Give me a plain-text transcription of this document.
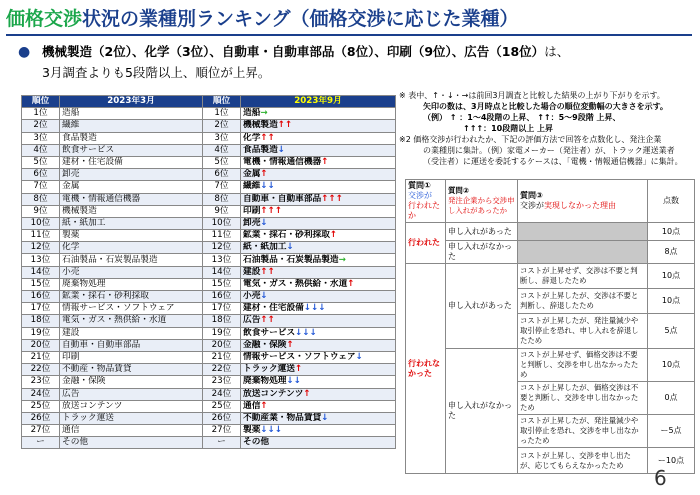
価格交渉状況の業種別ランキング（価格交渉に応じた業種）
● 機械製造（2位）、化学（3位）、自動車・自動車部品（8位）、印刷（9位）、広告（18位）は、
3月調査よりも5段階以上、順位が上昇。
順位	2023年3月	順位	2023年9月
1位	造船	1位	造船→
2位	繊維	2位	機械製造↑↑
3位	食品製造	3位	化学↑↑
4位	飲食サービス	4位	食品製造↓
5位	建材・住宅設備	5位	電機・情報通信機器↑
6位	卸売	6位	金属↑
7位	金属	7位	繊維↓↓
8位	電機・情報通信機器	8位	自動車・自動車部品↑↑↑
9位	機械製造	9位	印刷↑↑↑
10位	紙・紙加工	10位	卸売↓
11位	製薬	11位	鉱業・採石・砂利採取↑
12位	化学	12位	紙・紙加工↓
13位	石油製品・石炭製品製造	13位	石油製品・石炭製品製造→
14位	小売	14位	建設↑↑
15位	廃棄物処理	15位	電気・ガス・熱供給・水道↑
16位	鉱業・採石・砂利採取	16位	小売↓
17位	情報サービス・ソフトウェア	17位	建材・住宅設備↓↓↓
18位	電気・ガス・熱供給・水道	18位	広告↑↑
19位	建設	19位	飲食サービス↓↓↓
20位	自動車・自動車部品	20位	金融・保険↑
21位	印刷	21位	情報サービス・ソフトウェア↓
22位	不動産・物品賃貸	22位	トラック運送↑
23位	金融・保険	23位	廃棄物処理↓↓
24位	広告	24位	放送コンテンツ↑
25位	放送コンテンツ	25位	通信↑
26位	トラック運送	26位	不動産業・物品賃貸↓
27位	通信	27位	製薬↓↓↓
ー	その他	ー	その他
※ 表中、↑・↓・→は前回3月調査と比較した結果の上がり下がりを示す。
矢印の数は、3月時点と比較した場合の順位変動幅の大きさを示す。
（例） ↑ ：1～4段階の上昇、 ↑↑：5～9段階 上昇、
↑↑↑：10段階以上 上昇
※2 価格交渉が行われたか、下記の評価方法で回答を点数化し、発注企業
の業種別に集計。（例）家電メーカー（発注者）が、トラック運送業者
（受注者）に運送を委託するケースは、「電機・情報通信機器」に集計。
質問①
交渉が
行われたか	質問②
発注企業から交渉申し入れがあったか	質問③
交渉が実現しなかった理由	点数
行われた	申し入れがあった		10点
	申し入れがなかった		8点
行われなかった	申し入れがあった	コストが上昇せず、交渉は不要と判断し、辞退したため	10点
		コストが上昇したが、交渉は不要と判断し、辞退したため	10点
		コストが上昇したが、発注量減少や取引停止を恐れ、申し入れを辞退したため	5点
	申し入れがなかった	コストが上昇せず、価格交渉は不要と判断し、交渉を申し出なかったため	10点
		コストが上昇したが、価格交渉は不要と判断し、交渉を申し出なかったため	0点
		コストが上昇したが、発注量減少や取引停止を恐れ、交渉を申し出なかったため	ー5点
		コストが上昇し、交渉を申し出たが、応じてもらえなかったため	ー10点
6
